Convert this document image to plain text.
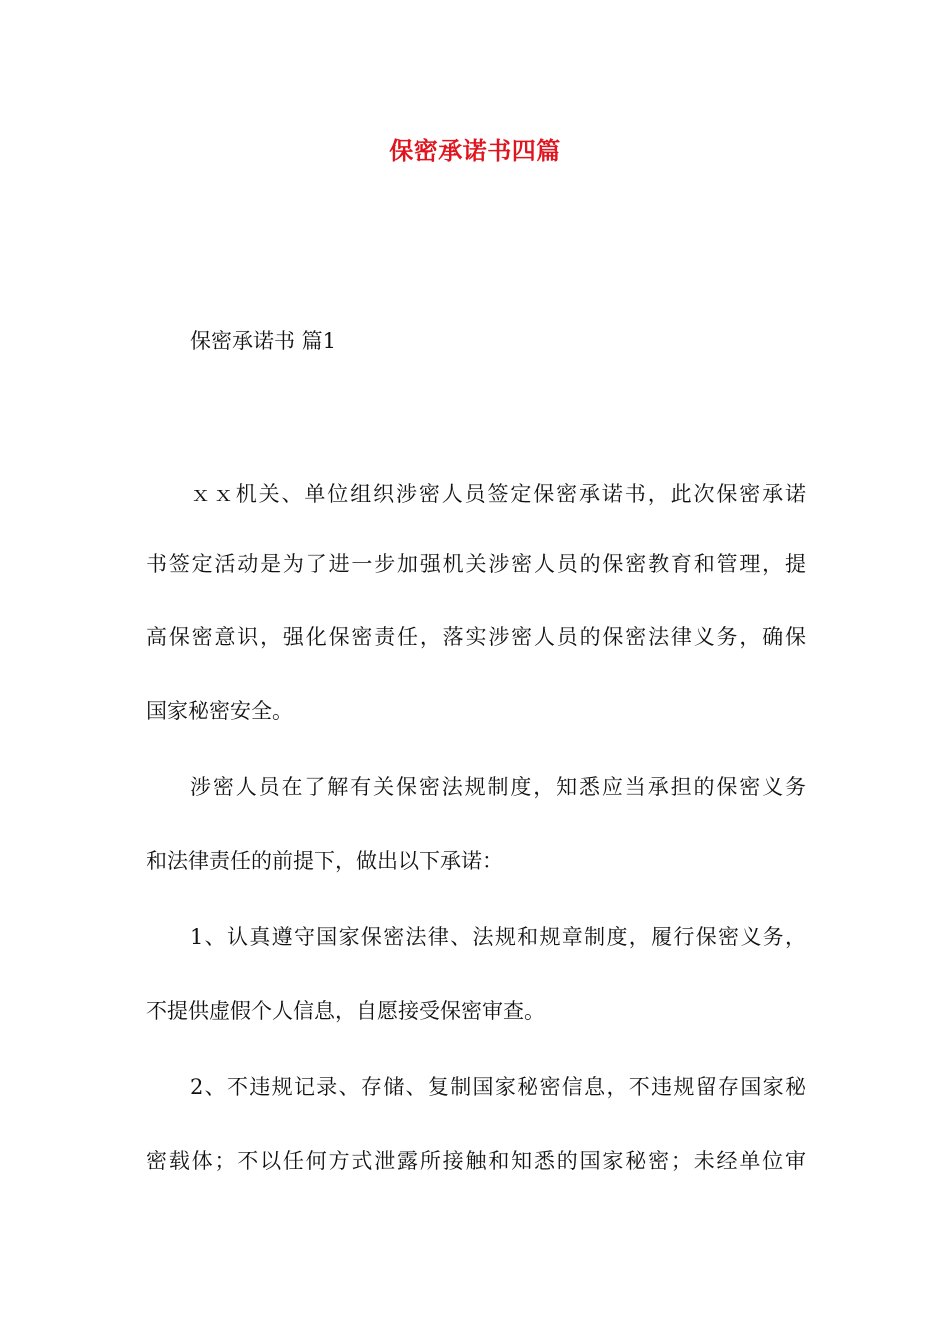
保密承诺书四篇
保密承诺书 篇1

ｘｘ机关、单位组织涉密人员签定保密承诺书，此次保密承诺

书签定活动是为了进一步加强机关涉密人员的保密教育和管理，提

高保密意识，强化保密责任，落实涉密人员的保密法律义务，确保

国家秘密安全。

涉密人员在了解有关保密法规制度，知悉应当承担的保密义务

和法律责任的前提下，做出以下承诺：

1、认真遵守国家保密法律、法规和规章制度，履行保密义务，

不提供虚假个人信息，自愿接受保密审查。

2、不违规记录、存储、复制国家秘密信息，不违规留存国家秘

密载体；不以任何方式泄露所接触和知悉的国家秘密；未经单位审
